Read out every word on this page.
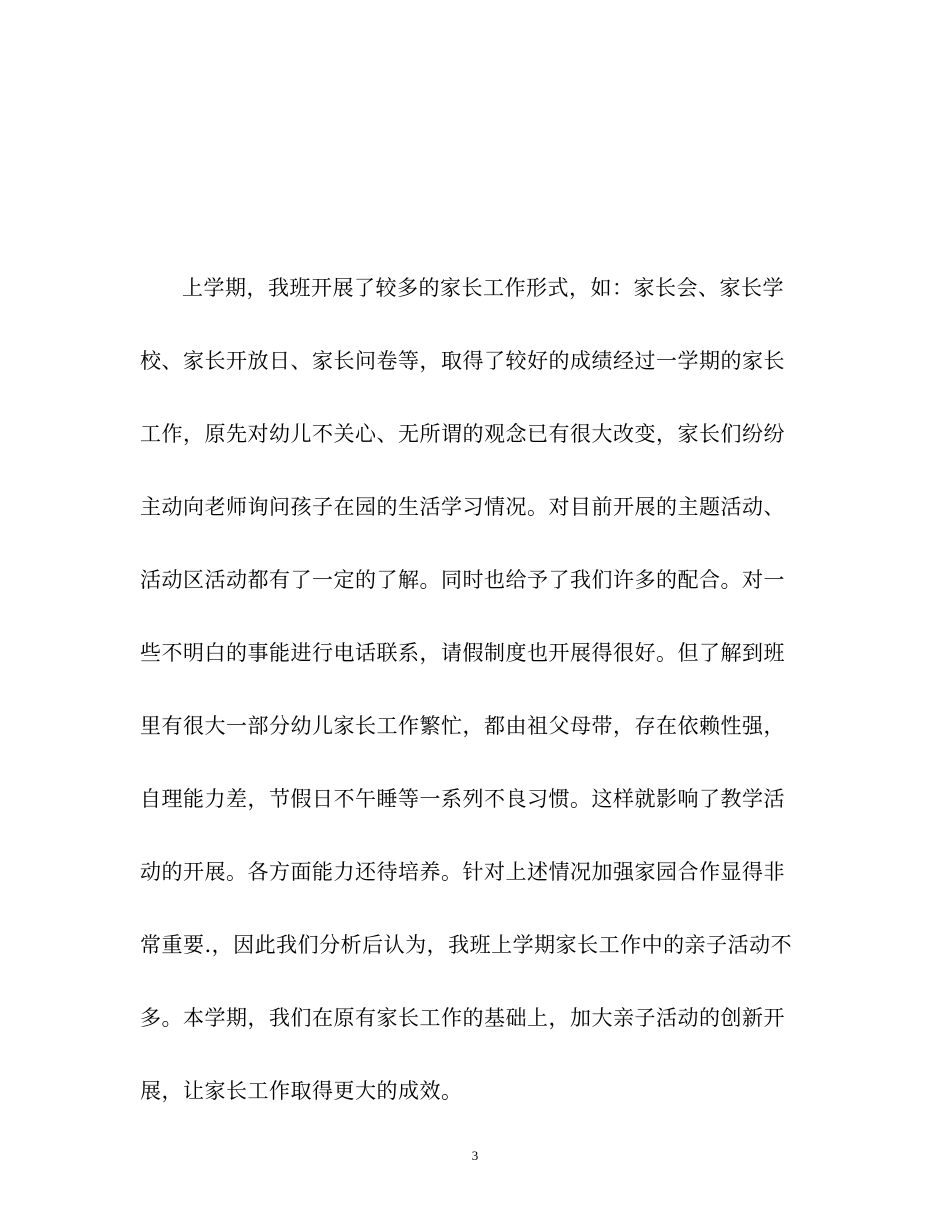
上学期，我班开展了较多的家长工作形式，如：家长会、家长学
校、家长开放日、家长问卷等，取得了较好的成绩经过一学期的家长
工作，原先对幼儿不关心、无所谓的观念已有很大改变，家长们纷纷
主动向老师询问孩子在园的生活学习情况。对目前开展的主题活动、
活动区活动都有了一定的了解。同时也给予了我们许多的配合。对一
些不明白的事能进行电话联系，请假制度也开展得很好。但了解到班
里有很大一部分幼儿家长工作繁忙，都由祖父母带，存在依赖性强，
自理能力差，节假日不午睡等一系列不良习惯。这样就影响了教学活
动的开展。各方面能力还待培养。针对上述情况加强家园合作显得非
常重要.，因此我们分析后认为，我班上学期家长工作中的亲子活动不
多。本学期，我们在原有家长工作的基础上，加大亲子活动的创新开
展，让家长工作取得更大的成效。
3
